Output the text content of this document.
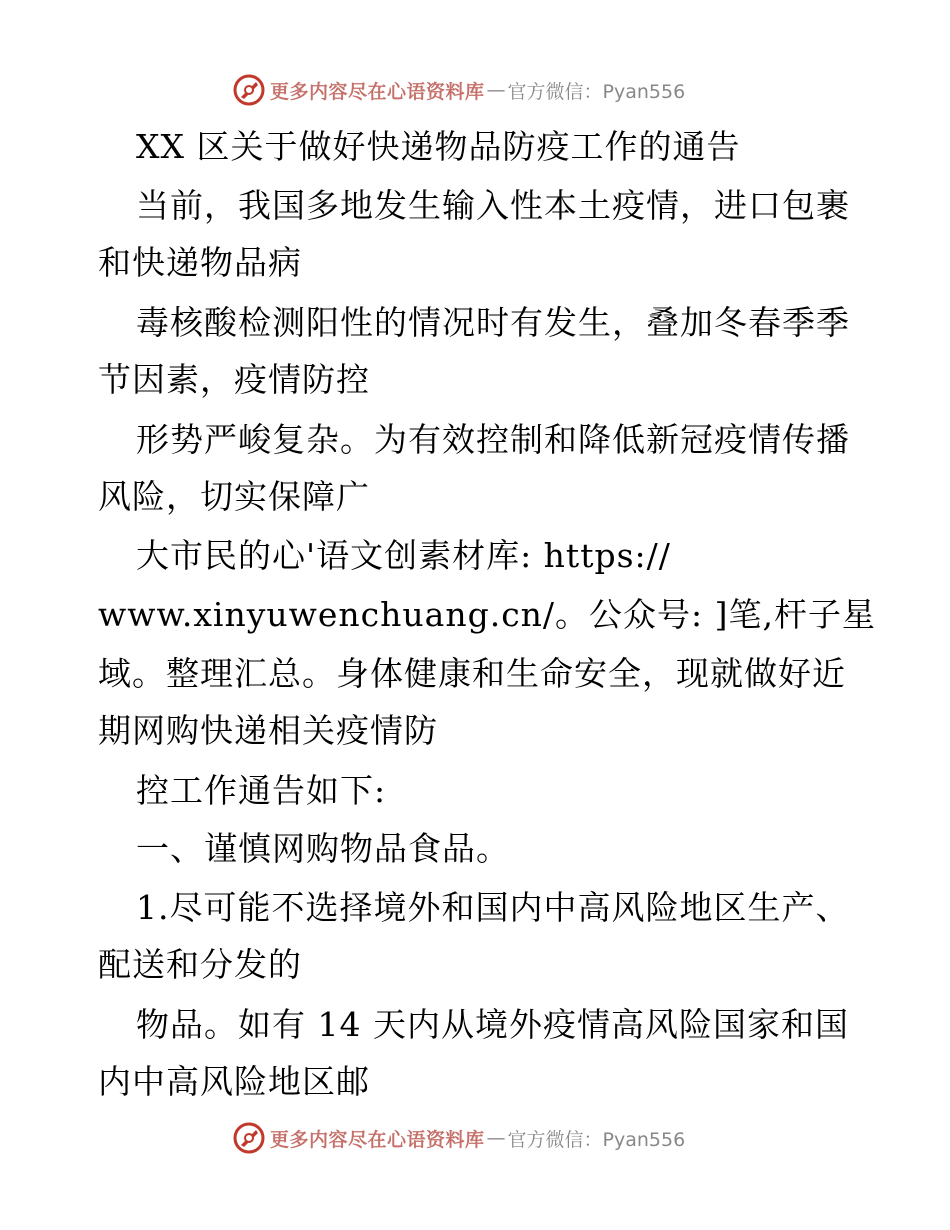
更多内容尽在心语资料库 — 官方微信：Pyan556
XX 区关于做好快递物品防疫工作的通告
当前，我国多地发生输入性本土疫情，进口包裹
和快递物品病
毒核酸检测阳性的情况时有发生，叠加冬春季季
节因素，疫情防控
形势严峻复杂。为有效控制和降低新冠疫情传播
风险，切实保障广
大市民的心'语文创素材库: https://
www.xinyuwenchuang.cn/。公众号: ]笔,杆子星
域。整理汇总。身体健康和生命安全，现就做好近
期网购快递相关疫情防
控工作通告如下:
一、谨慎网购物品食品。
1.尽可能不选择境外和国内中高风险地区生产、
配送和分发的
物品。如有 14 天内从境外疫情高风险国家和国
内中高风险地区邮
更多内容尽在心语资料库 — 官方微信：Pyan556
